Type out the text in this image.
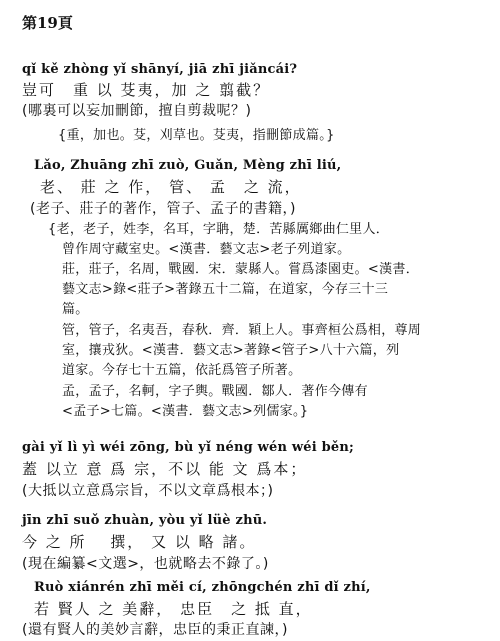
第19頁
qǐ kě zhòng yǐ shānyí, jiā zhī jiǎncái?
豈可　重 以 芟夷，加 之 翦截？
(哪裏可以妄加刪節，擅自剪裁呢？)
{重，加也。芟，刈草也。芟夷，指刪節成篇。}
Lǎo, Zhuāng zhī zuò, Guǎn, Mèng zhī liú,
老、 莊 之 作， 管、 孟　之 流，
(老子、莊子的著作，管子、孟子的書籍，)
{老，老子，姓李，名耳，字聃，楚．苦縣厲鄉曲仁里人．
曾作周守藏室史。<漢書．藝文志>老子列道家。
莊，莊子，名周，戰國．宋．蒙縣人。嘗爲漆園吏。<漢書．
藝文志>錄<莊子>著錄五十二篇，在道家，今存三十三
篇。
管，管子，名夷吾，春秋．齊．穎上人。事齊桓公爲相，尊周
室，攘戎狄。<漢書．藝文志>著錄<管子>八十六篇，列
道家。今存七十五篇，依託爲管子所著。
孟，孟子，名軻，字子輿。戰國．鄒人．著作今傳有
<孟子>七篇。<漢書．藝文志>列儒家。}
gài yǐ lì yì wéi zōng, bù yǐ néng wén wéi běn;
蓋 以立 意 爲 宗，不以 能 文 爲本；
(大抵以立意爲宗旨，不以文章爲根本；)
jīn zhī suǒ zhuàn, yòu yǐ lüè zhū.
今 之 所　 撰， 又 以 略 諸。
(現在編纂<文選>，也就略去不錄了。)
Ruò xiánrén zhī měi cí, zhōngchén zhī dǐ zhí,
若 賢人 之 美辭， 忠臣　之 抵 直，
(還有賢人的美妙言辭，忠臣的秉正直諫，)
